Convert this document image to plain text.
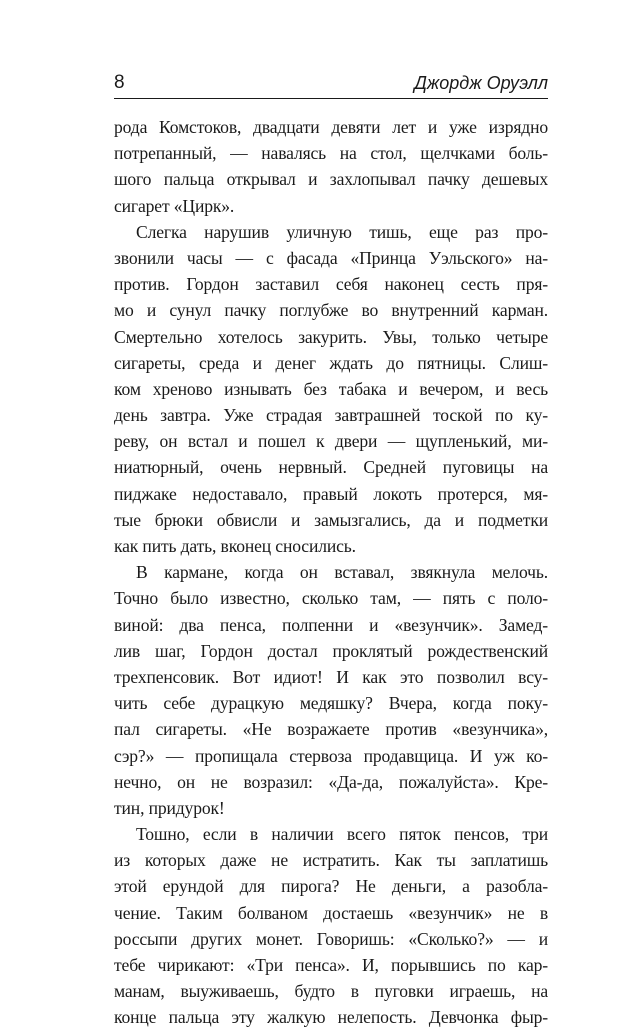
8	Джордж Оруэлл
рода Комстоков, двадцати девяти лет и уже изрядно
потрепанный, — навалясь на стол, щелчками боль-
шого пальца открывал и захлопывал пачку дешевых
сигарет «Цирк».
Слегка нарушив уличную тишь, еще раз про-
звонили часы — с фасада «Принца Уэльского» на-
против. Гордон заставил себя наконец сесть пря-
мо и сунул пачку поглубже во внутренний карман.
Смертельно хотелось закурить. Увы, только четыре
сигареты, среда и денег ждать до пятницы. Слиш-
ком хреново изнывать без табака и вечером, и весь
день завтра. Уже страдая завтрашней тоской по ку-
реву, он встал и пошел к двери — щупленький, ми-
ниатюрный, очень нервный. Средней пуговицы на
пиджаке недоставало, правый локоть протерся, мя-
тые брюки обвисли и замызгались, да и подметки
как пить дать, вконец сносились.
В кармане, когда он вставал, звякнула мелочь.
Точно было известно, сколько там, — пять с поло-
виной: два пенса, полпенни и «везунчик». Замед-
лив шаг, Гордон достал проклятый рождественский
трехпенсовик. Вот идиот! И как это позволил всу-
чить себе дурацкую медяшку? Вчера, когда поку-
пал сигареты. «Не возражаете против «везунчика»,
сэр?» — пропищала стервоза продавщица. И уж ко-
нечно, он не возразил: «Да-да, пожалуйста». Кре-
тин, придурок!
Тошно, если в наличии всего пяток пенсов, три
из которых даже не истратить. Как ты заплатишь
этой ерундой для пирога? Не деньги, а разобла-
чение. Таким болваном достаешь «везунчик» не в
россыпи других монет. Говоришь: «Сколько?» — и
тебе чирикают: «Три пенса». И, порывшись по кар-
манам, выуживаешь, будто в пуговки играешь, на
конце пальца эту жалкую нелепость. Девчонка фыр-
